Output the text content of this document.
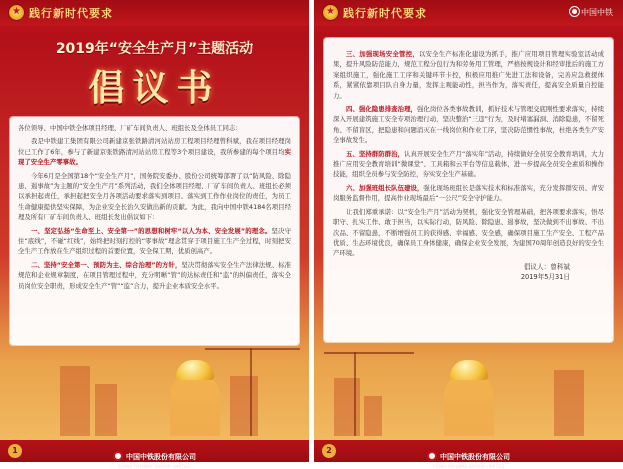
★
践行新时代要求
2019年“安全生产月”主题活动
倡议书

各位领导、中国中铁全体项目经理、厂矿车间负责人、班组长及全体员工同志：

我是中铁建工集团有限公司新建京张铁路清河站站房工程项目经理曾科斌，我在项目经理岗位已工作了6年，参与了新建京张铁路清河站站房工程等3个项目建设，我所参建的每个项目均实现了安全生产零事故。

今年6月是全国第18个“安全生产月”，国务院安委办、股份公司统筹部署了以“防风险、除隐患、遏事故”为主题的“安全生产月”系列活动，我们全体项目经理、厂矿车间负责人、班组长必须以承担起责任，承担起把安全月各项活动要求落实到项目、落实到工作作业岗位的责任，为员工生命健康提供坚实保障，为企业安全长治久安做出新的贡献。为此，我向中国中铁4184名项目经理及所有厂矿车间负责人、班组长发出倡议如下：

一、坚定弘扬“生命至上、安全第一”的思想和树牢“以人为本、安全发展”的理念。坚决守住“底线”，不碰“红线”，始终把时刻打控的“零事故”理念贯穿于项目施工生产全过程，时刻把安全生产工作放在生产组织过程的首要位置，安全保工期，优质创高产。

二、坚持“安全第一、预防为主、综合治理”的方针，坚决贯彻落实安全生产法律法规、标准规范和企业规章制度，在项目管理过程中，充分明晰“管”的达标责任和“监”的纠偏责任，落实全员岗位安全职责，形成安全生产“管”“监”合力，提升企业本质安全水平。

1
中国中铁股份有限公司
CHINA RAILWAY GROUP LIMITED
★
践行新时代要求	中国中铁

三、加强现场安全管控，以安全生产标准化建设为抓手，推广应用项目管理实验室活动成果，提升风险防范能力，规范工程分包行为和劳务用工管理，严格按规设计和经审批后的施工方案组织施工，强化施工工序和关键环节卡控，积极应用推广先进工法和设备，完善应急救援体系，紧紧依靠项目队自身力量，发挥主观能动性，担当作为，落实责任，提高安全质量自控能力。

四、强化隐患排查治理，强化岗位各类事故教训，抓好技术与管理交底刚性要求落实，持续深入开展建筑施工安全专项治理行动，坚决整治“三违”行为，及时堵塞漏洞、消除隐患，不留死角、不留盲区，把隐患和问题消灭在一线岗位和作业工序，坚决防范惯性事故，杜绝各类生产安全事故发生。

五、坚持群防群治，认真开展安全生产月“落实年”活动，持续做好全员安全教育培训，大力推广应用安全教育培训“微课堂”、工具箱和云平台等信息载体，进一步提高全员安全素质和操作技能，组织全员参与安全防控，夯实安全生产基础。

六、加强班组长队伍建设，强化现场班组长是落实技术和标准落实，充分发挥群安员、青安岗服务监督作用，提高作业现场最后“一公尺”安全守护能力。

让我们郑重承诺：以“安全生产月”活动为契机，强化安全管理基础，把各项要求落实，悟尽职守、扎实工作、敢于担当，以实际行动，防风险、除隐患、遏事故，坚决做到不出事故、不出次品、不留隐患，不断增强员工的获得感、幸福感、安全感，确保项目施工生产安全、工程产品优质、生态环境优良，确保员工身体健康，确保企业安全发展，为建国70周年创造良好的安全生产环境。

倡议人：曾科斌

2019年5月31日

2
中国中铁股份有限公司
CHINA RAILWAY GROUP LIMITED
